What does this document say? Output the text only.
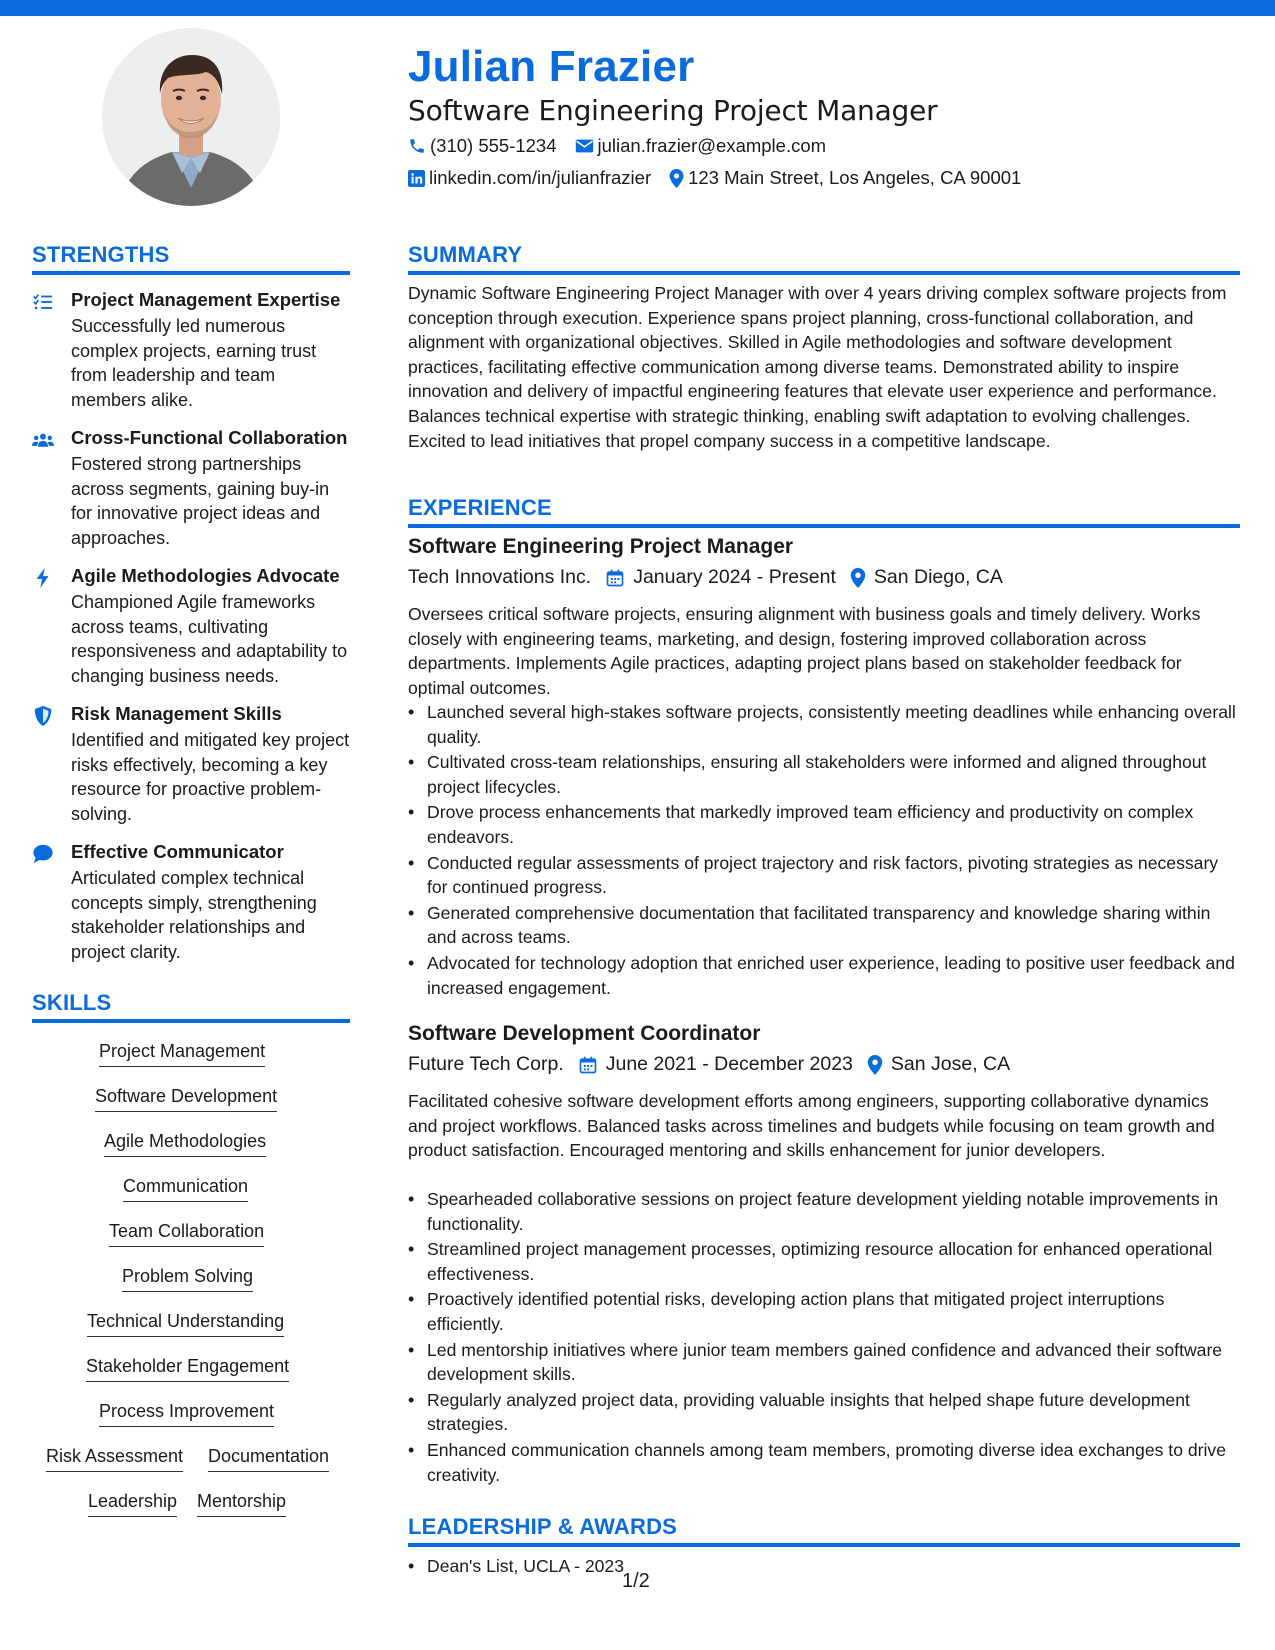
Julian Frazier
Software Engineering Project Manager
(310) 555-1234 julian.frazier@example.com
linkedin.com/in/julianfrazier 123 Main Street, Los Angeles, CA 90001
STRENGTHS
Project Management Expertise
Successfully led numerous complex projects, earning trust from leadership and team members alike.
Cross-Functional Collaboration
Fostered strong partnerships across segments, gaining buy-in for innovative project ideas and approaches.
Agile Methodologies Advocate
Championed Agile frameworks across teams, cultivating responsiveness and adaptability to changing business needs.
Risk Management Skills
Identified and mitigated key project risks effectively, becoming a key resource for proactive problem-solving.
Effective Communicator
Articulated complex technical concepts simply, strengthening stakeholder relationships and project clarity.
SKILLS
Project Management
Software Development
Agile Methodologies
Communication
Team Collaboration
Problem Solving
Technical Understanding
Stakeholder Engagement
Process Improvement
Risk Assessment Documentation
Leadership Mentorship
SUMMARY
Dynamic Software Engineering Project Manager with over 4 years driving complex software projects from conception through execution. Experience spans project planning, cross-functional collaboration, and alignment with organizational objectives. Skilled in Agile methodologies and software development practices, facilitating effective communication among diverse teams. Demonstrated ability to inspire innovation and delivery of impactful engineering features that elevate user experience and performance. Balances technical expertise with strategic thinking, enabling swift adaptation to evolving challenges. Excited to lead initiatives that propel company success in a competitive landscape.
EXPERIENCE
Software Engineering Project Manager
Tech Innovations Inc. January 2024 - Present San Diego, CA
Oversees critical software projects, ensuring alignment with business goals and timely delivery. Works closely with engineering teams, marketing, and design, fostering improved collaboration across departments. Implements Agile practices, adapting project plans based on stakeholder feedback for optimal outcomes.
• Launched several high-stakes software projects, consistently meeting deadlines while enhancing overall quality.
• Cultivated cross-team relationships, ensuring all stakeholders were informed and aligned throughout project lifecycles.
• Drove process enhancements that markedly improved team efficiency and productivity on complex endeavors.
• Conducted regular assessments of project trajectory and risk factors, pivoting strategies as necessary for continued progress.
• Generated comprehensive documentation that facilitated transparency and knowledge sharing within and across teams.
• Advocated for technology adoption that enriched user experience, leading to positive user feedback and increased engagement.
Software Development Coordinator
Future Tech Corp. June 2021 - December 2023 San Jose, CA
Facilitated cohesive software development efforts among engineers, supporting collaborative dynamics and project workflows. Balanced tasks across timelines and budgets while focusing on team growth and product satisfaction. Encouraged mentoring and skills enhancement for junior developers.
• Spearheaded collaborative sessions on project feature development yielding notable improvements in functionality.
• Streamlined project management processes, optimizing resource allocation for enhanced operational effectiveness.
• Proactively identified potential risks, developing action plans that mitigated project interruptions efficiently.
• Led mentorship initiatives where junior team members gained confidence and advanced their software development skills.
• Regularly analyzed project data, providing valuable insights that helped shape future development strategies.
• Enhanced communication channels among team members, promoting diverse idea exchanges to drive creativity.
LEADERSHIP & AWARDS
• Dean's List, UCLA - 2023
1/2
